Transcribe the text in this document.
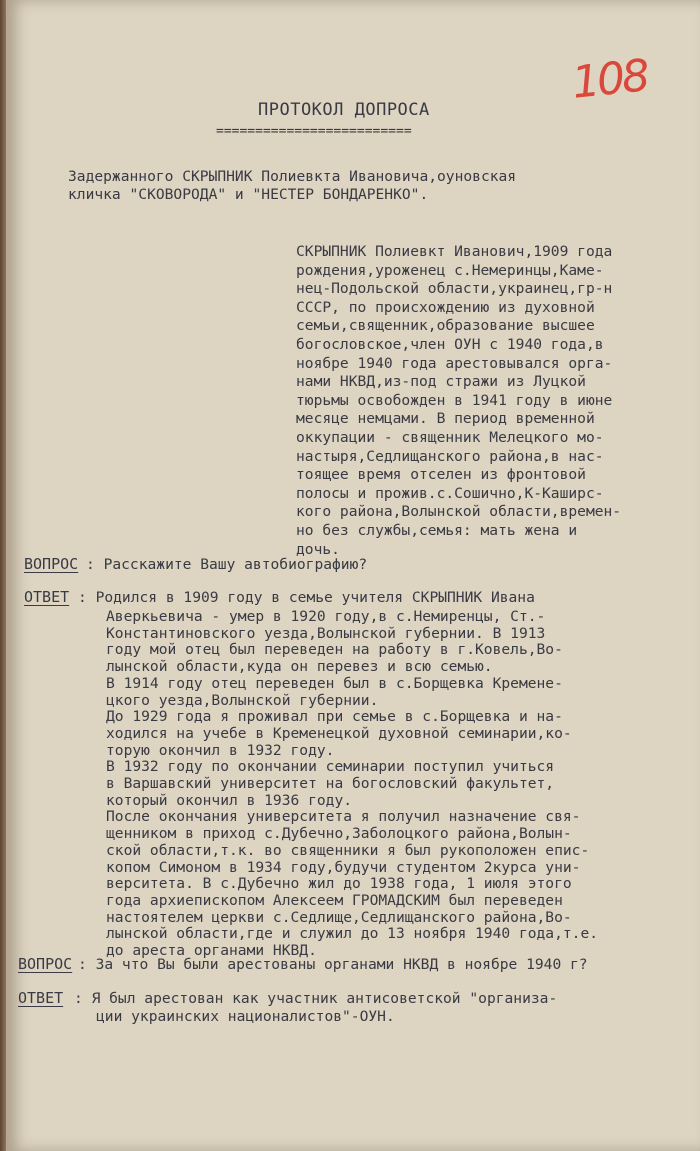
108
ПРОТОКОЛ ДОПРОСА
=========================
Задержанного СКРЫПНИК Полиевкта Ивановича,оуновская
кличка "СКОВОРОДА" и "НЕСТЕР БОНДАРЕНКО".
СКРЫПНИК Полиевкт Иванович,1909 года
рождения,уроженец с.Немеринцы,Каме-
нец-Подольской области,украинец,гр-н
СССР, по происхождению из духовной
семьи,священник,образование высшее
богословское,член ОУН с 1940 года,в
ноябре 1940 года арестовывался орга-
нами НКВД,из-под стражи из Луцкой
тюрьмы освобожден в 1941 году в июне
месяце немцами. В период временной
оккупации - священник Мелецкого мо-
настыря,Седлищанского района,в нас-
тоящее время отселен из фронтовой
полосы и прожив.с.Сошично,К-Каширс-
кого района,Волынской области,времен-
но без службы,семья: мать жена и
дочь.
ВОПРОС : Расскажите Вашу автобиографию?
ОТВЕТ : Родился в 1909 году в семье учителя СКРЫПНИК Ивана
Аверкьевича - умер в 1920 году,в с.Немиренцы, Ст.-
Константиновского уезда,Волынской губернии. В 1913
году мой отец был переведен на работу в г.Ковель,Во-
лынской области,куда он перевез и всю семью.
В 1914 году отец переведен был в с.Борщевка Кремене-
цкого уезда,Волынской губернии.
До 1929 года я проживал при семье в с.Борщевка и на-
ходился на учебе в Кременецкой духовной семинарии,ко-
торую окончил в 1932 году.
В 1932 году по окончании семинарии поступил учиться
в Варшавский университет на богословский факультет,
который окончил в 1936 году.
После окончания университета я получил назначение свя-
щенником в приход с.Дубечно,Заболоцкого района,Волын-
ской области,т.к. во священники я был рукоположен епис-
копом Симоном в 1934 году,будучи студентом 2курса уни-
верситета. В с.Дубечно жил до 1938 года, 1 июля этого
года архиепископом Алексеем ГРОМАДСКИМ был переведен
настоятелем церкви с.Седлище,Седлищанского района,Во-
лынской области,где и служил до 13 ноября 1940 года,т.е.
до ареста органами НКВД.
ВОПРОС : За что Вы были арестованы органами НКВД в ноябре 1940 г?
ОТВЕТ : Я был арестован как участник антисоветской "организа-
ции украинских националистов"-ОУН.
